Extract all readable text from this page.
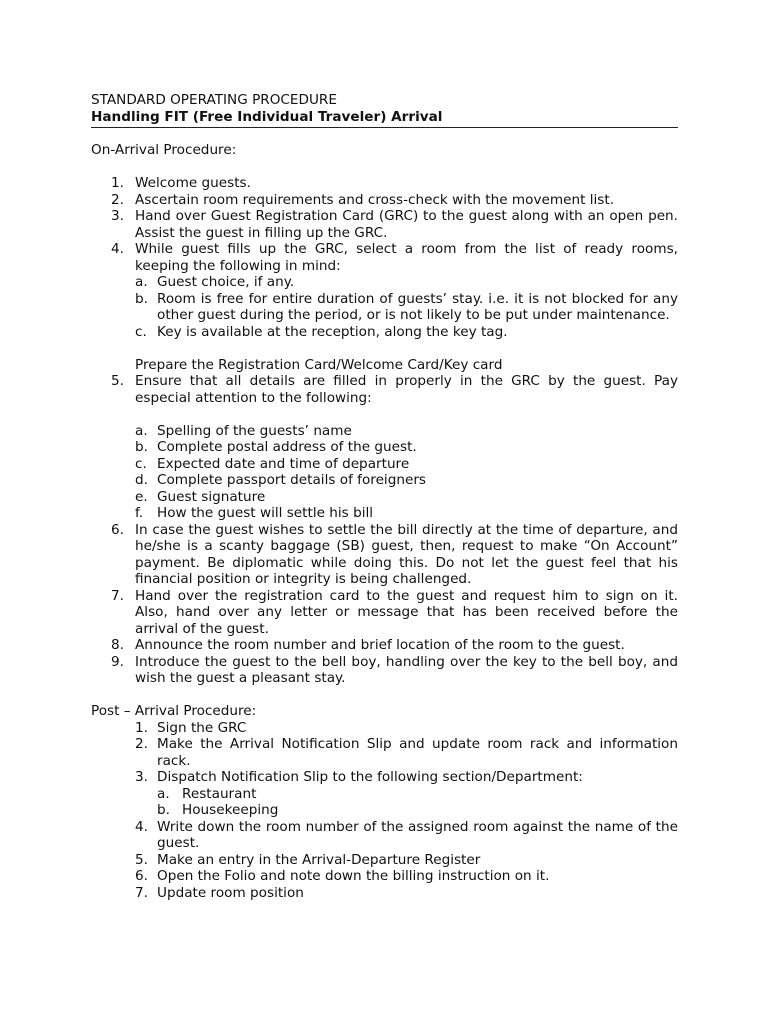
STANDARD OPERATING PROCEDURE
Handling FIT (Free Individual Traveler) Arrival
On-Arrival Procedure:
1. Welcome guests.
2. Ascertain room requirements and cross-check with the movement list.
3. Hand over Guest Registration Card (GRC) to the guest along with an open pen. Assist the guest in filling up the GRC.
4. While guest fills up the GRC, select a room from the list of ready rooms, keeping the following in mind:
a. Guest choice, if any.
b. Room is free for entire duration of guests’ stay. i.e. it is not blocked for any other guest during the period, or is not likely to be put under maintenance.
c. Key is available at the reception, along the key tag.
Prepare the Registration Card/Welcome Card/Key card
5. Ensure that all details are filled in properly in the GRC by the guest. Pay especial attention to the following:
a. Spelling of the guests’ name
b. Complete postal address of the guest.
c. Expected date and time of departure
d. Complete passport details of foreigners
e. Guest signature
f. How the guest will settle his bill
6. In case the guest wishes to settle the bill directly at the time of departure, and he/she is a scanty baggage (SB) guest, then, request to make “On Account” payment. Be diplomatic while doing this. Do not let the guest feel that his financial position or integrity is being challenged.
7. Hand over the registration card to the guest and request him to sign on it. Also, hand over any letter or message that has been received before the arrival of the guest.
8. Announce the room number and brief location of the room to the guest.
9. Introduce the guest to the bell boy, handling over the key to the bell boy, and wish the guest a pleasant stay.
Post – Arrival Procedure:
1. Sign the GRC
2. Make the Arrival Notification Slip and update room rack and information rack.
3. Dispatch Notification Slip to the following section/Department:
a. Restaurant
b. Housekeeping
4. Write down the room number of the assigned room against the name of the guest.
5. Make an entry in the Arrival-Departure Register
6. Open the Folio and note down the billing instruction on it.
7. Update room position
